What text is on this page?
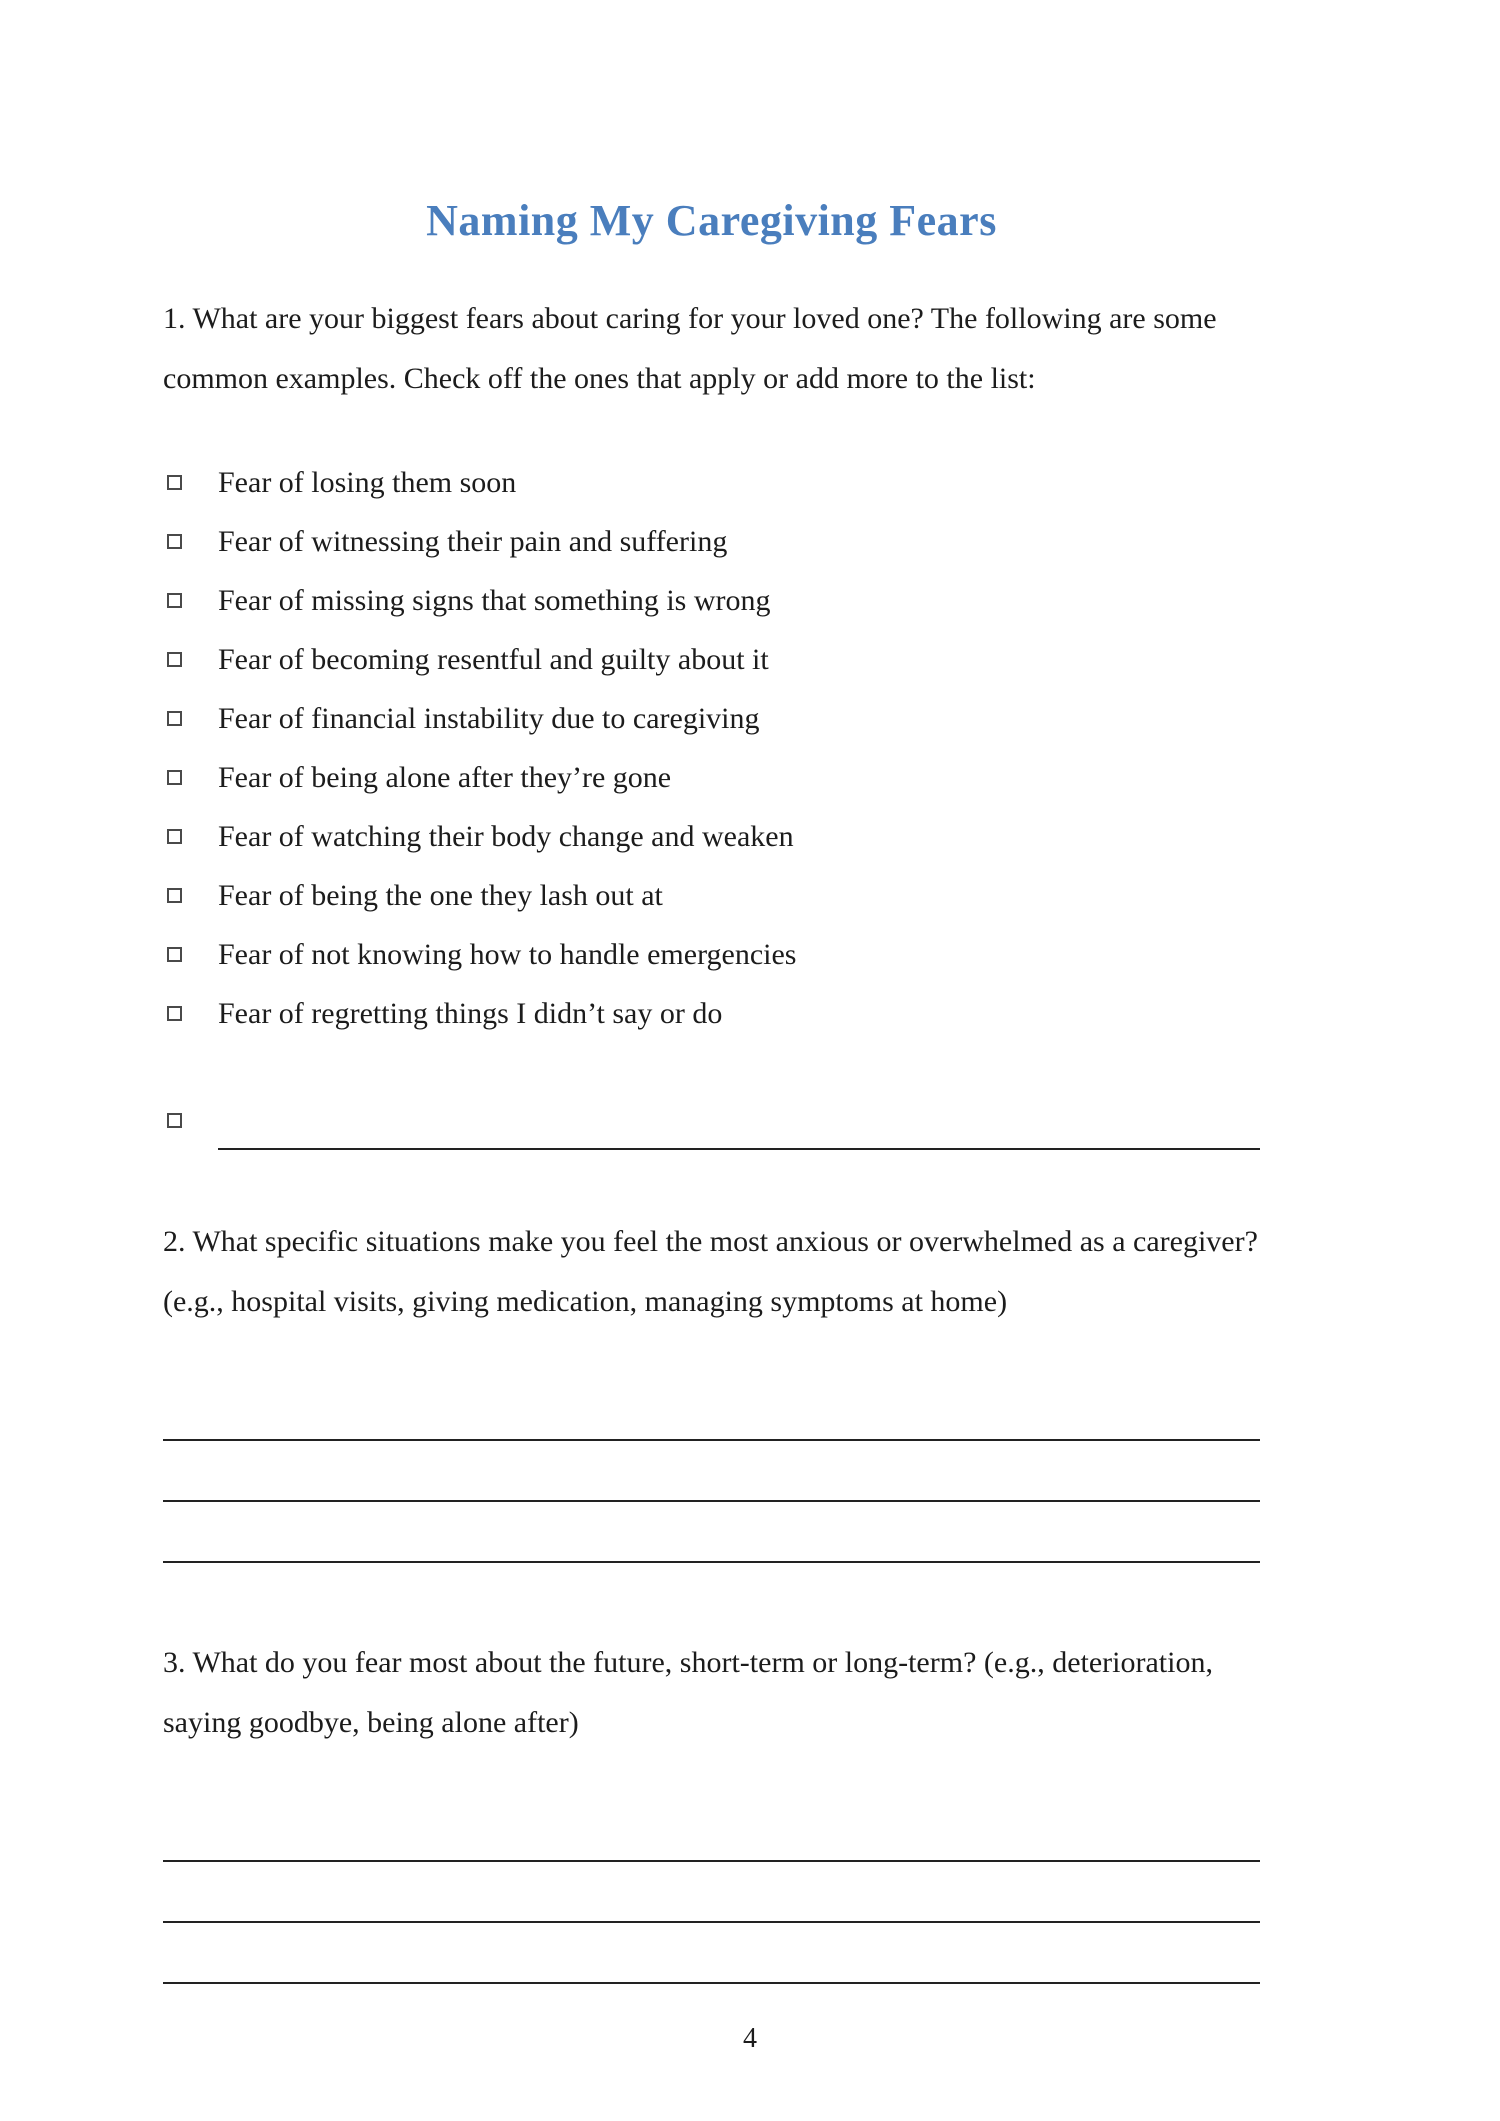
Naming My Caregiving Fears

1. What are your biggest fears about caring for your loved one? The following are some common examples. Check off the ones that apply or add more to the list:

Fear of losing them soon
Fear of witnessing their pain and suffering
Fear of missing signs that something is wrong
Fear of becoming resentful and guilty about it
Fear of financial instability due to caregiving
Fear of being alone after they’re gone
Fear of watching their body change and weaken
Fear of being the one they lash out at
Fear of not knowing how to handle emergencies
Fear of regretting things I didn’t say or do

2. What specific situations make you feel the most anxious or overwhelmed as a caregiver? (e.g., hospital visits, giving medication, managing symptoms at home)

3. What do you fear most about the future, short-term or long-term? (e.g., deterioration, saying goodbye, being alone after)

4
